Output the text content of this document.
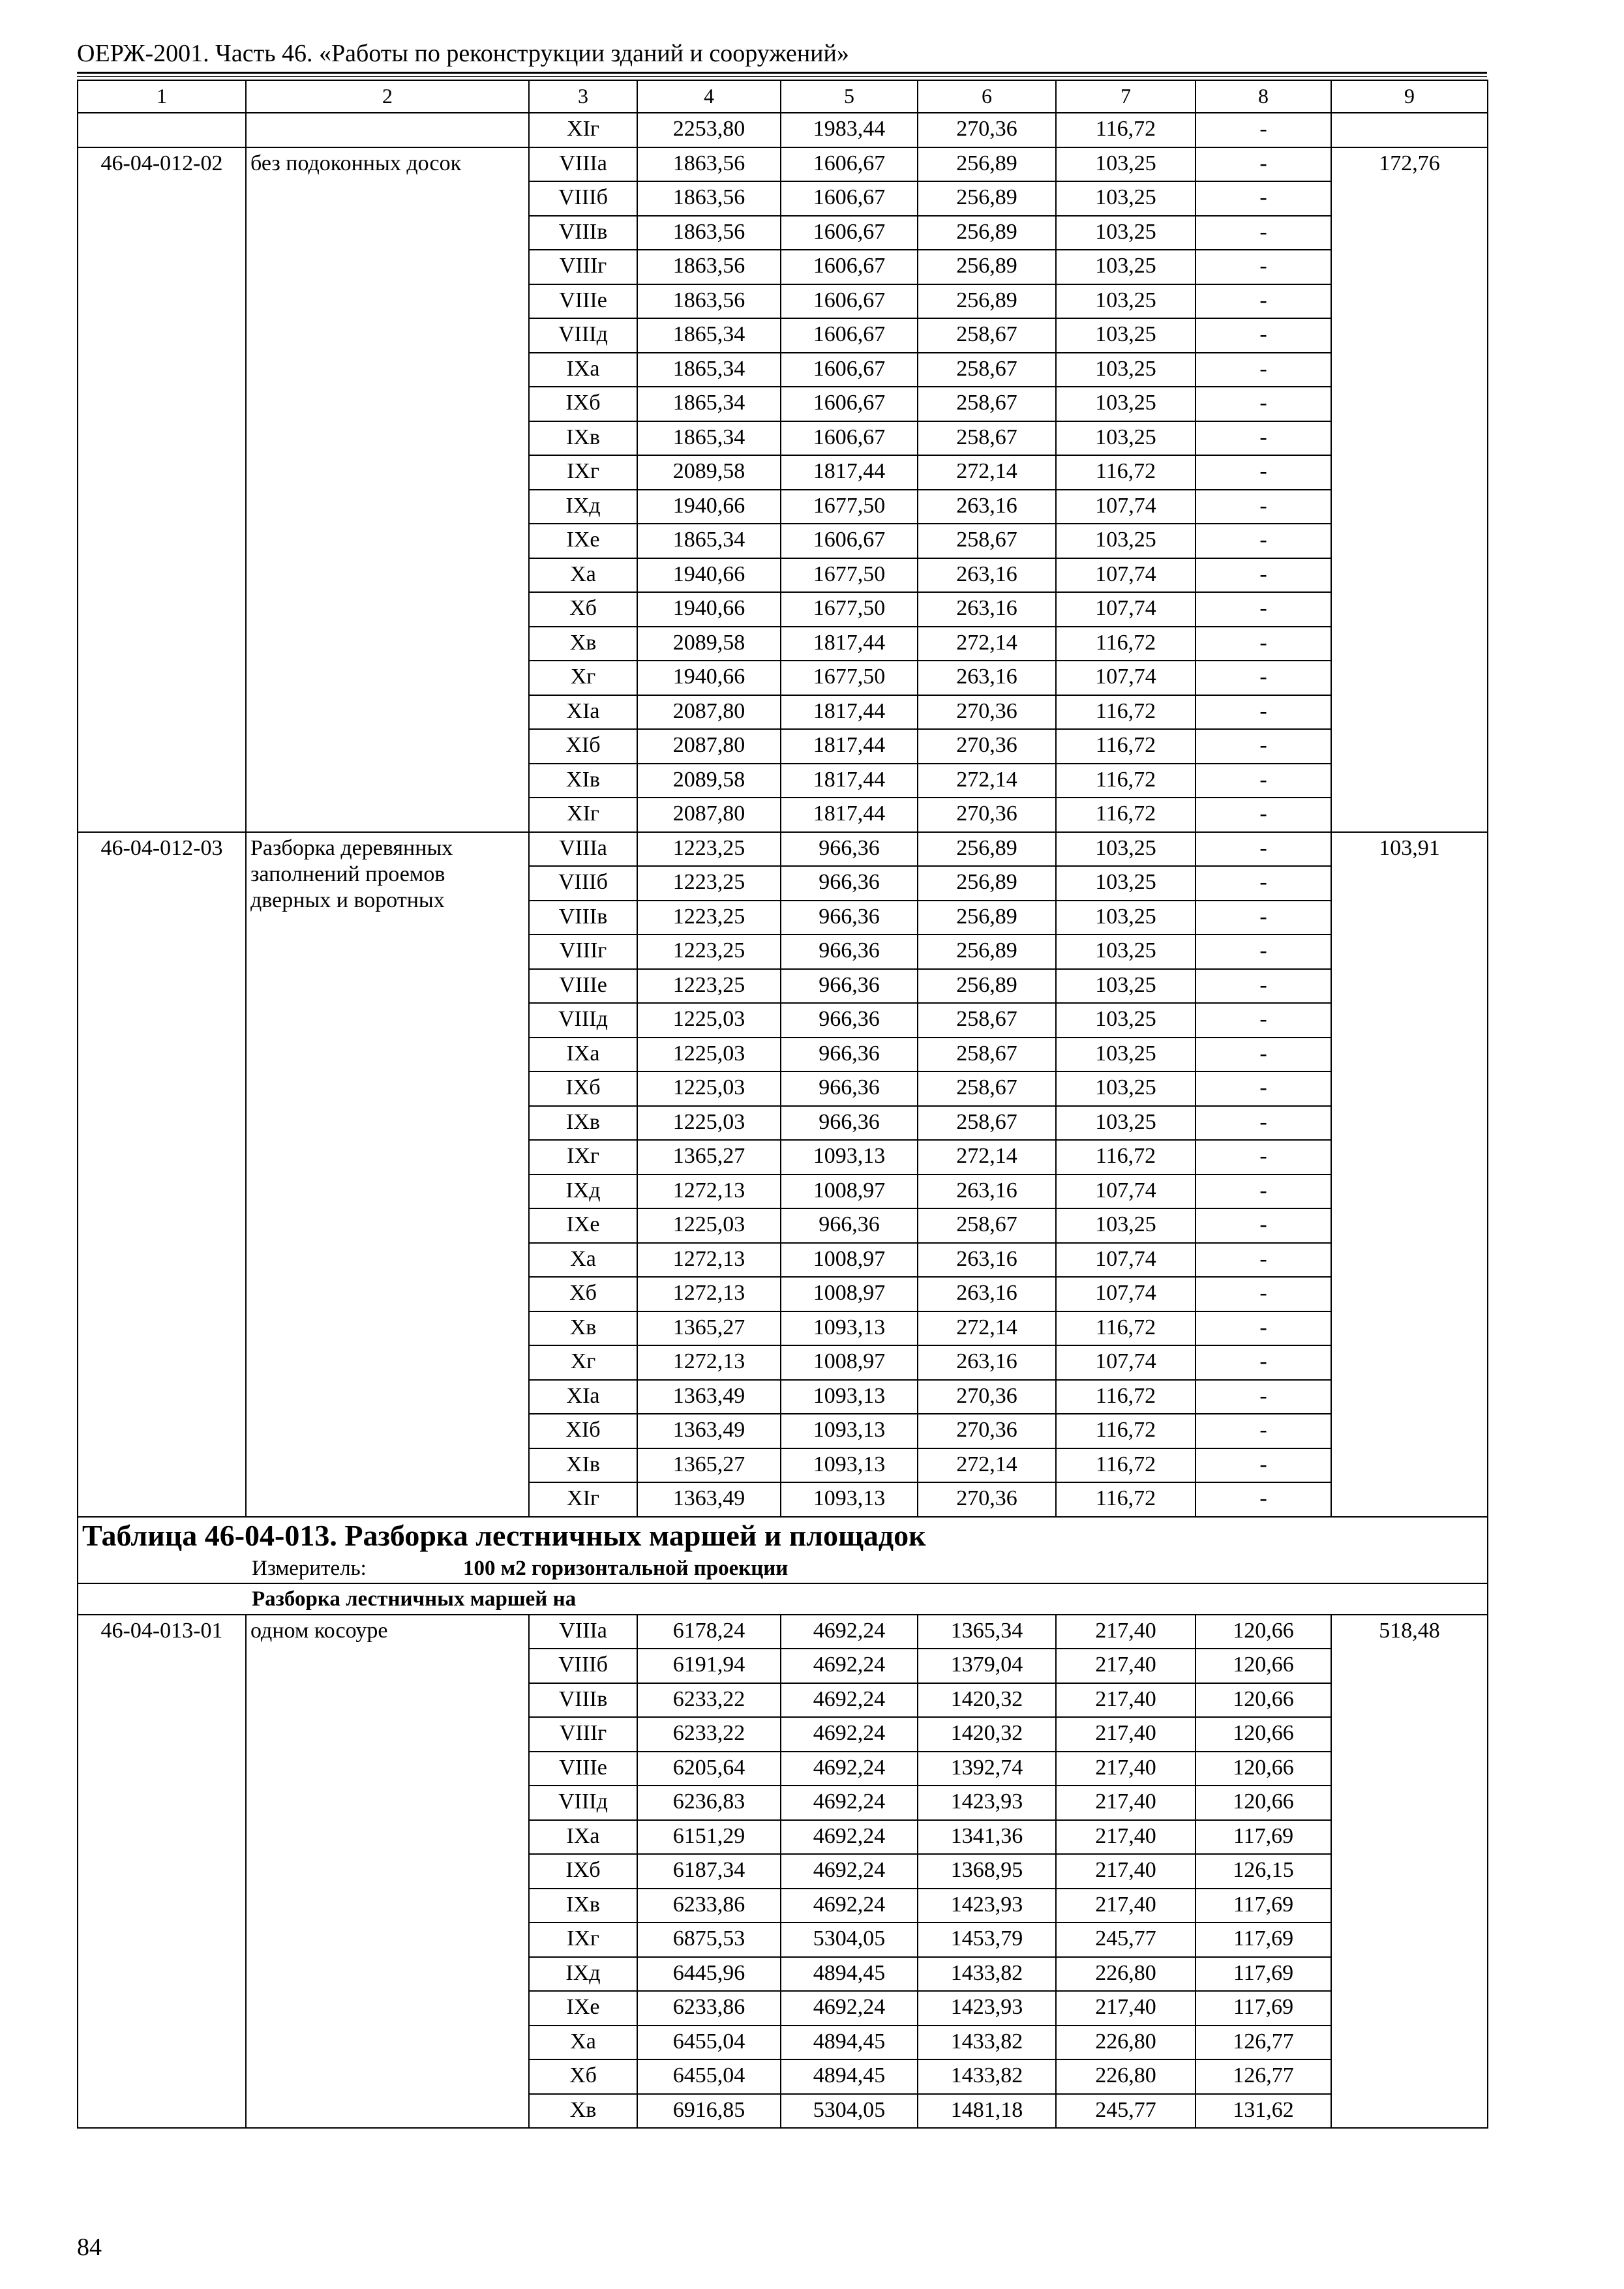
ОЕРЖ-2001. Часть 46. «Работы по реконструкции зданий и сооружений»
1	2	3	4	5	6	7	8	9
		XIг	2253,80	1983,44	270,36	116,72	-	
46-04-012-02	без подоконных досок	VIIIа	1863,56	1606,67	256,89	103,25	-	172,76
		VIIIб	1863,56	1606,67	256,89	103,25	-	
		VIIIв	1863,56	1606,67	256,89	103,25	-	
		VIIIг	1863,56	1606,67	256,89	103,25	-	
		VIIIе	1863,56	1606,67	256,89	103,25	-	
		VIIIд	1865,34	1606,67	258,67	103,25	-	
		IXа	1865,34	1606,67	258,67	103,25	-	
		IXб	1865,34	1606,67	258,67	103,25	-	
		IXв	1865,34	1606,67	258,67	103,25	-	
		IXг	2089,58	1817,44	272,14	116,72	-	
		IXд	1940,66	1677,50	263,16	107,74	-	
		IXе	1865,34	1606,67	258,67	103,25	-	
		Xа	1940,66	1677,50	263,16	107,74	-	
		Xб	1940,66	1677,50	263,16	107,74	-	
		Xв	2089,58	1817,44	272,14	116,72	-	
		Xг	1940,66	1677,50	263,16	107,74	-	
		XIа	2087,80	1817,44	270,36	116,72	-	
		XIб	2087,80	1817,44	270,36	116,72	-	
		XIв	2089,58	1817,44	272,14	116,72	-	
		XIг	2087,80	1817,44	270,36	116,72	-	
46-04-012-03	Разборка деревянных заполнений проемов дверных и воротных	VIIIа	1223,25	966,36	256,89	103,25	-	103,91
		VIIIб	1223,25	966,36	256,89	103,25	-	
		VIIIв	1223,25	966,36	256,89	103,25	-	
		VIIIг	1223,25	966,36	256,89	103,25	-	
		VIIIе	1223,25	966,36	256,89	103,25	-	
		VIIIд	1225,03	966,36	258,67	103,25	-	
		IXа	1225,03	966,36	258,67	103,25	-	
		IXб	1225,03	966,36	258,67	103,25	-	
		IXв	1225,03	966,36	258,67	103,25	-	
		IXг	1365,27	1093,13	272,14	116,72	-	
		IXд	1272,13	1008,97	263,16	107,74	-	
		IXе	1225,03	966,36	258,67	103,25	-	
		Xа	1272,13	1008,97	263,16	107,74	-	
		Xб	1272,13	1008,97	263,16	107,74	-	
		Xв	1365,27	1093,13	272,14	116,72	-	
		Xг	1272,13	1008,97	263,16	107,74	-	
		XIа	1363,49	1093,13	270,36	116,72	-	
		XIб	1363,49	1093,13	270,36	116,72	-	
		XIв	1365,27	1093,13	272,14	116,72	-	
		XIг	1363,49	1093,13	270,36	116,72	-	
Таблица 46-04-013. Разборка лестничных маршей и площадок								
Измеритель: 100 м2 горизонтальной проекции								
Разборка лестничных маршей на								
46-04-013-01	одном косоуре	VIIIа	6178,24	4692,24	1365,34	217,40	120,66	518,48
		VIIIб	6191,94	4692,24	1379,04	217,40	120,66	
		VIIIв	6233,22	4692,24	1420,32	217,40	120,66	
		VIIIг	6233,22	4692,24	1420,32	217,40	120,66	
		VIIIе	6205,64	4692,24	1392,74	217,40	120,66	
		VIIIд	6236,83	4692,24	1423,93	217,40	120,66	
		IXа	6151,29	4692,24	1341,36	217,40	117,69	
		IXб	6187,34	4692,24	1368,95	217,40	126,15	
		IXв	6233,86	4692,24	1423,93	217,40	117,69	
		IXг	6875,53	5304,05	1453,79	245,77	117,69	
		IXд	6445,96	4894,45	1433,82	226,80	117,69	
		IXе	6233,86	4692,24	1423,93	217,40	117,69	
		Xа	6455,04	4894,45	1433,82	226,80	126,77	
		Xб	6455,04	4894,45	1433,82	226,80	126,77	
		Xв	6916,85	5304,05	1481,18	245,77	131,62	
84
